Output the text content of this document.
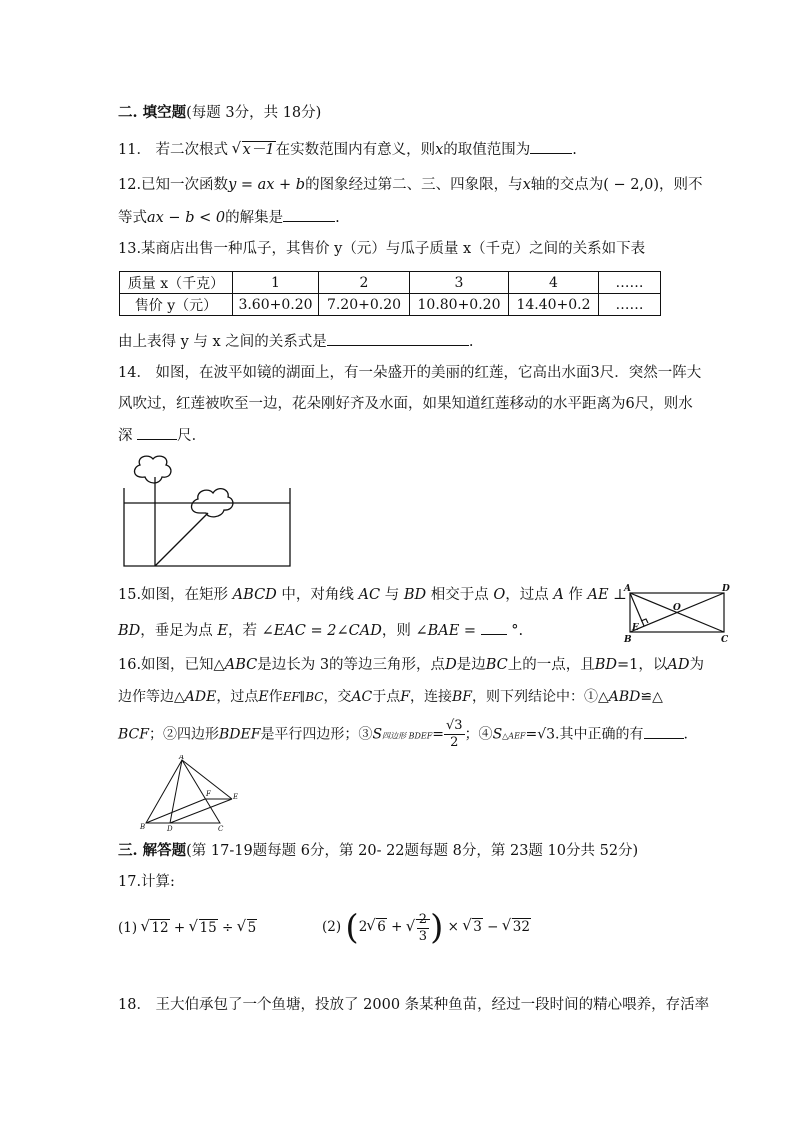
二. 填空题(每题 3分，共 18分)
11． 若二次根式 √ x－1在实数范围内有意义，则x的取值范围为	.
12.已知一次函数y = ax + b的图象经过第二、三、四象限，与x轴的交点为( − 2,0)，则不
等式ax − b < 0的解集是	.
13.某商店出售一种瓜子，其售价 y（元）与瓜子质量 x（千克）之间的关系如下表
质量 x（千克）	1	2	3	4	……
售价 y（元）	3.60+0.20	7.20+0.20	10.80+0.20	14.40+0.2	……
由上表得 y 与 x 之间的关系式是	.
14． 如图，在波平如镜的湖面上，有一朵盛开的美丽的红莲，它高出水面3尺．突然一阵大
风吹过，红莲被吹至一边，花朵刚好齐及水面，如果知道红莲移动的水平距离为6尺，则水
深	尺．
15.如图，在矩形 ABCD 中，对角线 AC 与 BD 相交于点 O，过点 A 作 AE ⊥
BD，垂足为点 E，若 ∠EAC = 2∠CAD，则 ∠BAE = °.
A	D
B	C
O
E
16.如图，已知△ABC是边长为 3的等边三角形，点D是边BC上的一点，且BD=1，以AD为
边作等边△ADE，过点E作EF∥BC，交AC于点F，连接BF，则下列结论中：①△ABD≌△
BCF；②四边形BDEF是平行四边形；③S四边形 BDEF= $\frac{√3}{2}$ ；④S△AEF=√3.其中正确的有	.
A
B	C
D
E
F
三. 解答题(第 17-19题每题 6分，第 20- 22题每题 8分，第 23题 10分共 52分)
17.计算:
(1) √ 12 + √ 15 ÷ √ 5	(2) (2 √ 6 + √ $\frac{2}{3}$ ) × √ 3 − √ 32
18． 王大伯承包了一个鱼塘，投放了 2000 条某种鱼苗，经过一段时间的精心喂养，存活率
